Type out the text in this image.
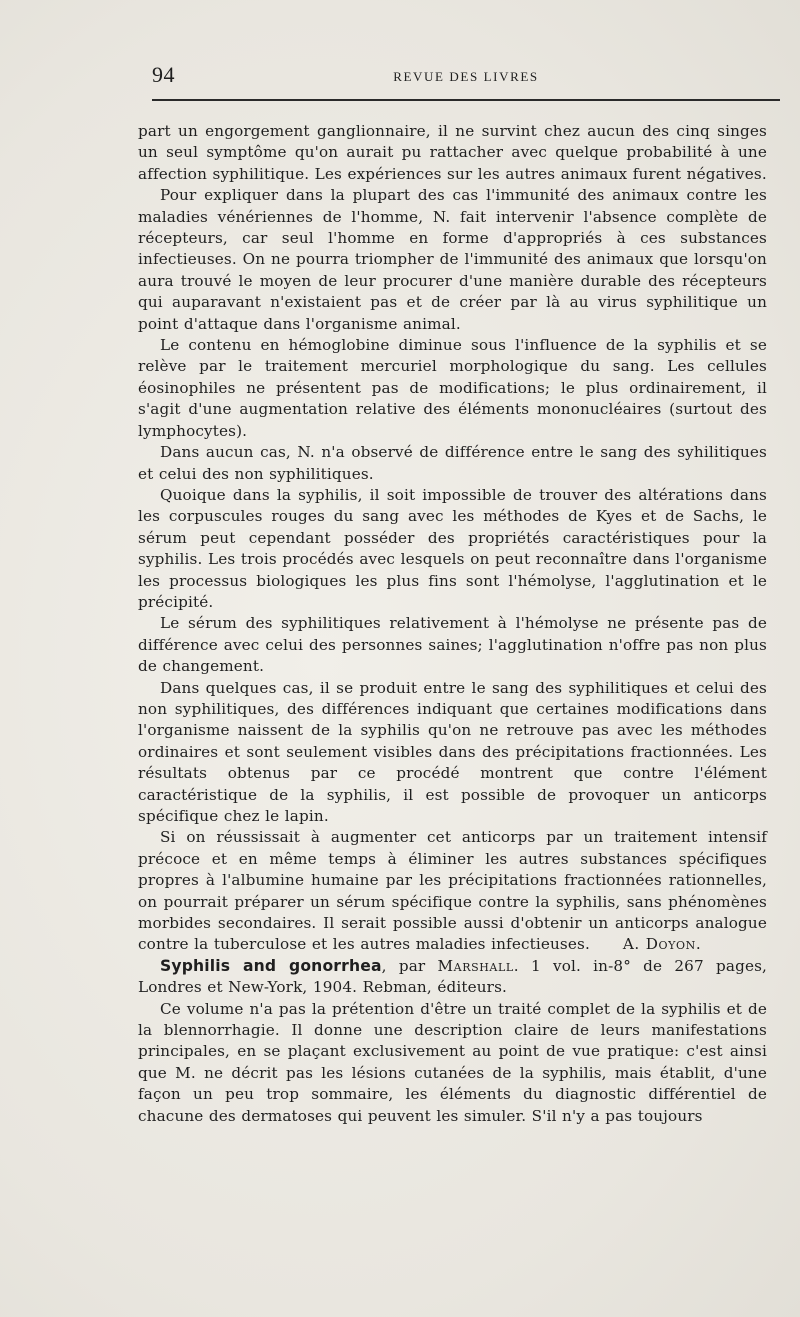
94	REVUE DES LIVRES

part un engorgement ganglionnaire, il ne survint chez aucun des cinq singes un seul symptôme qu'on aurait pu rattacher avec quelque probabilité à une affection syphilitique. Les expériences sur les autres animaux furent négatives.

Pour expliquer dans la plupart des cas l'immunité des animaux contre les maladies vénériennes de l'homme, N. fait intervenir l'absence complète de récepteurs, car seul l'homme en forme d'appropriés à ces substances infectieuses. On ne pourra triompher de l'immunité des animaux que lorsqu'on aura trouvé le moyen de leur procurer d'une manière durable des récepteurs qui auparavant n'existaient pas et de créer par là au virus syphilitique un point d'attaque dans l'organisme animal.

Le contenu en hémoglobine diminue sous l'influence de la syphilis et se relève par le traitement mercuriel morphologique du sang. Les cellules éosinophiles ne présentent pas de modifications; le plus ordinairement, il s'agit d'une augmentation relative des éléments mononucléaires (surtout des lymphocytes).

Dans aucun cas, N. n'a observé de différence entre le sang des syhilitiques et celui des non syphilitiques.

Quoique dans la syphilis, il soit impossible de trouver des altérations dans les corpuscules rouges du sang avec les méthodes de Kyes et de Sachs, le sérum peut cependant posséder des propriétés caractéristiques pour la syphilis. Les trois procédés avec lesquels on peut reconnaître dans l'organisme les processus biologiques les plus fins sont l'hémolyse, l'agglutination et le précipité.

Le sérum des syphilitiques relativement à l'hémolyse ne présente pas de différence avec celui des personnes saines; l'agglutination n'offre pas non plus de changement.

Dans quelques cas, il se produit entre le sang des syphilitiques et celui des non syphilitiques, des différences indiquant que certaines modifications dans l'organisme naissent de la syphilis qu'on ne retrouve pas avec les méthodes ordinaires et sont seulement visibles dans des précipitations fractionnées. Les résultats obtenus par ce procédé montrent que contre l'élément caractéristique de la syphilis, il est possible de provoquer un anticorps spécifique chez le lapin.

Si on réussissait à augmenter cet anticorps par un traitement intensif précoce et en même temps à éliminer les autres substances spécifiques propres à l'albumine humaine par les précipitations fractionnées rationnelles, on pourrait préparer un sérum spécifique contre la syphilis, sans phénomènes morbides secondaires. Il serait possible aussi d'obtenir un anticorps analogue contre la tuberculose et les autres maladies infectieuses. A. Doyon.

Syphilis and gonorrhea, par Marshall. 1 vol. in-8° de 267 pages, Londres et New-York, 1904. Rebman, éditeurs.

Ce volume n'a pas la prétention d'être un traité complet de la syphilis et de la blennorrhagie. Il donne une description claire de leurs manifestations principales, en se plaçant exclusivement au point de vue pratique: c'est ainsi que M. ne décrit pas les lésions cutanées de la syphilis, mais établit, d'une façon un peu trop sommaire, les éléments du diagnostic différentiel de chacune des dermatoses qui peuvent les simuler. S'il n'y a pas toujours
